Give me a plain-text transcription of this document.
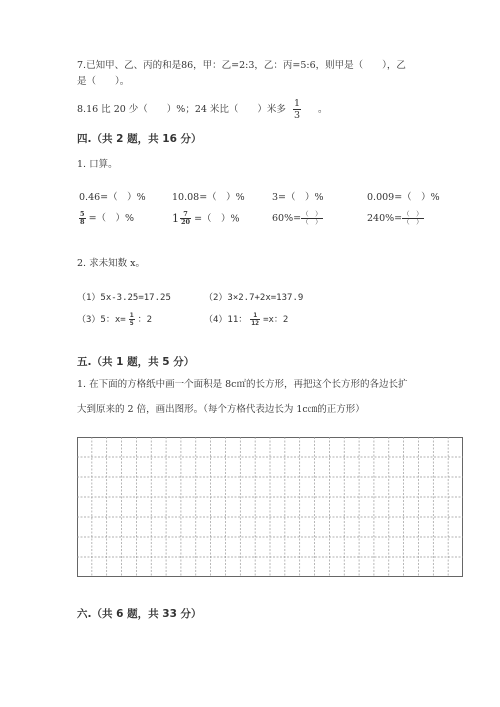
7.已知甲、乙、丙的和是86，甲：乙=2:3，乙：丙=5:6，则甲是（　　），乙
是（　　）。
8.16 比 20 少（　　）%；24 米比（　　）米多 $\frac{1}{3}$ 。
四.（共 2 题，共 16 分）
1. 口算。
0.46=（　）%	10.08=（　）%	3=（　）%	0.009=（　）%
$\frac{5}{8}$ =（　）%	$1 \frac{7}{20}$ =（　）%	$60\%= \frac{( )}{( )}$	$240\%= \frac{( )}{( )}$
2. 求未知数 x。
（1）5x-3.25=17.25	（2）3×2.7+2x=137.9
（3）5：$x= \frac{1}{5}$ ：2	（4）11： $\frac{1}{12} =x$：2
五.（共 1 题，共 5 分）
1. 在下面的方格纸中画一个面积是 8c㎡的长方形，再把这个长方形的各边长扩
大到原来的 2 倍，画出图形。（每个方格代表边长为 1c㎝的正方形）
六.（共 6 题，共 33 分）
